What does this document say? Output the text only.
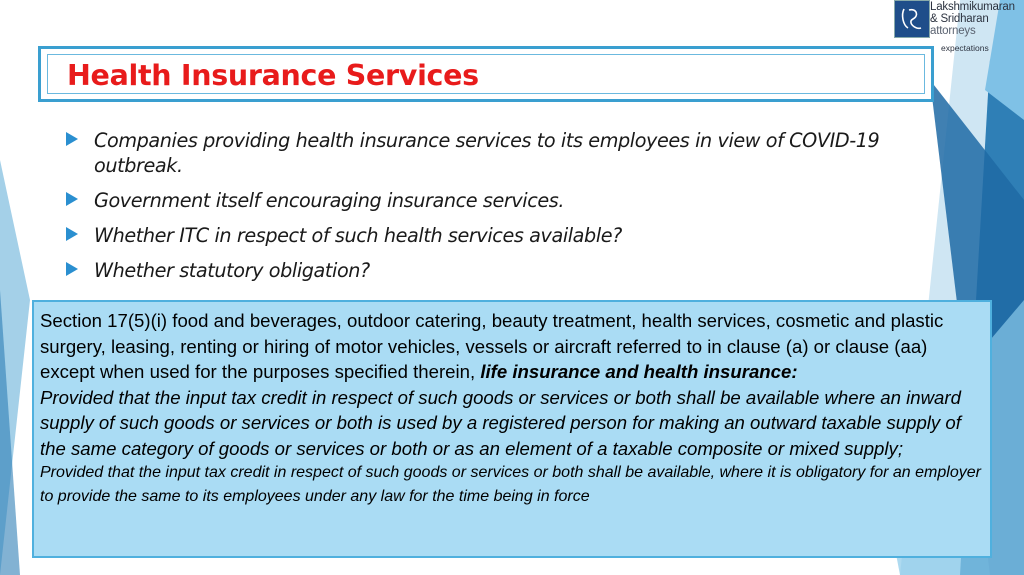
Lakshmikumaran
& Sridharan
attorneys
expectations
Health Insurance Services
Companies providing health insurance services to its employees in view of COVID-19 outbreak.
Government itself encouraging insurance services.
Whether ITC in respect of such health services available?
Whether statutory obligation?
Section 17(5)(i) food and beverages, outdoor catering, beauty treatment, health services, cosmetic and plastic surgery, leasing, renting or hiring of motor vehicles, vessels or aircraft referred to in clause (a) or clause (aa) except when used for the purposes specified therein, life insurance and health insurance:
Provided that the input tax credit in respect of such goods or services or both shall be available where an inward supply of such goods or services or both is used by a registered person for making an outward taxable supply of the same category of goods or services or both or as an element of a taxable composite or mixed supply;
Provided that the input tax credit in respect of such goods or services or both shall be available, where it is obligatory for an employer to provide the same to its employees under any law for the time being in force
